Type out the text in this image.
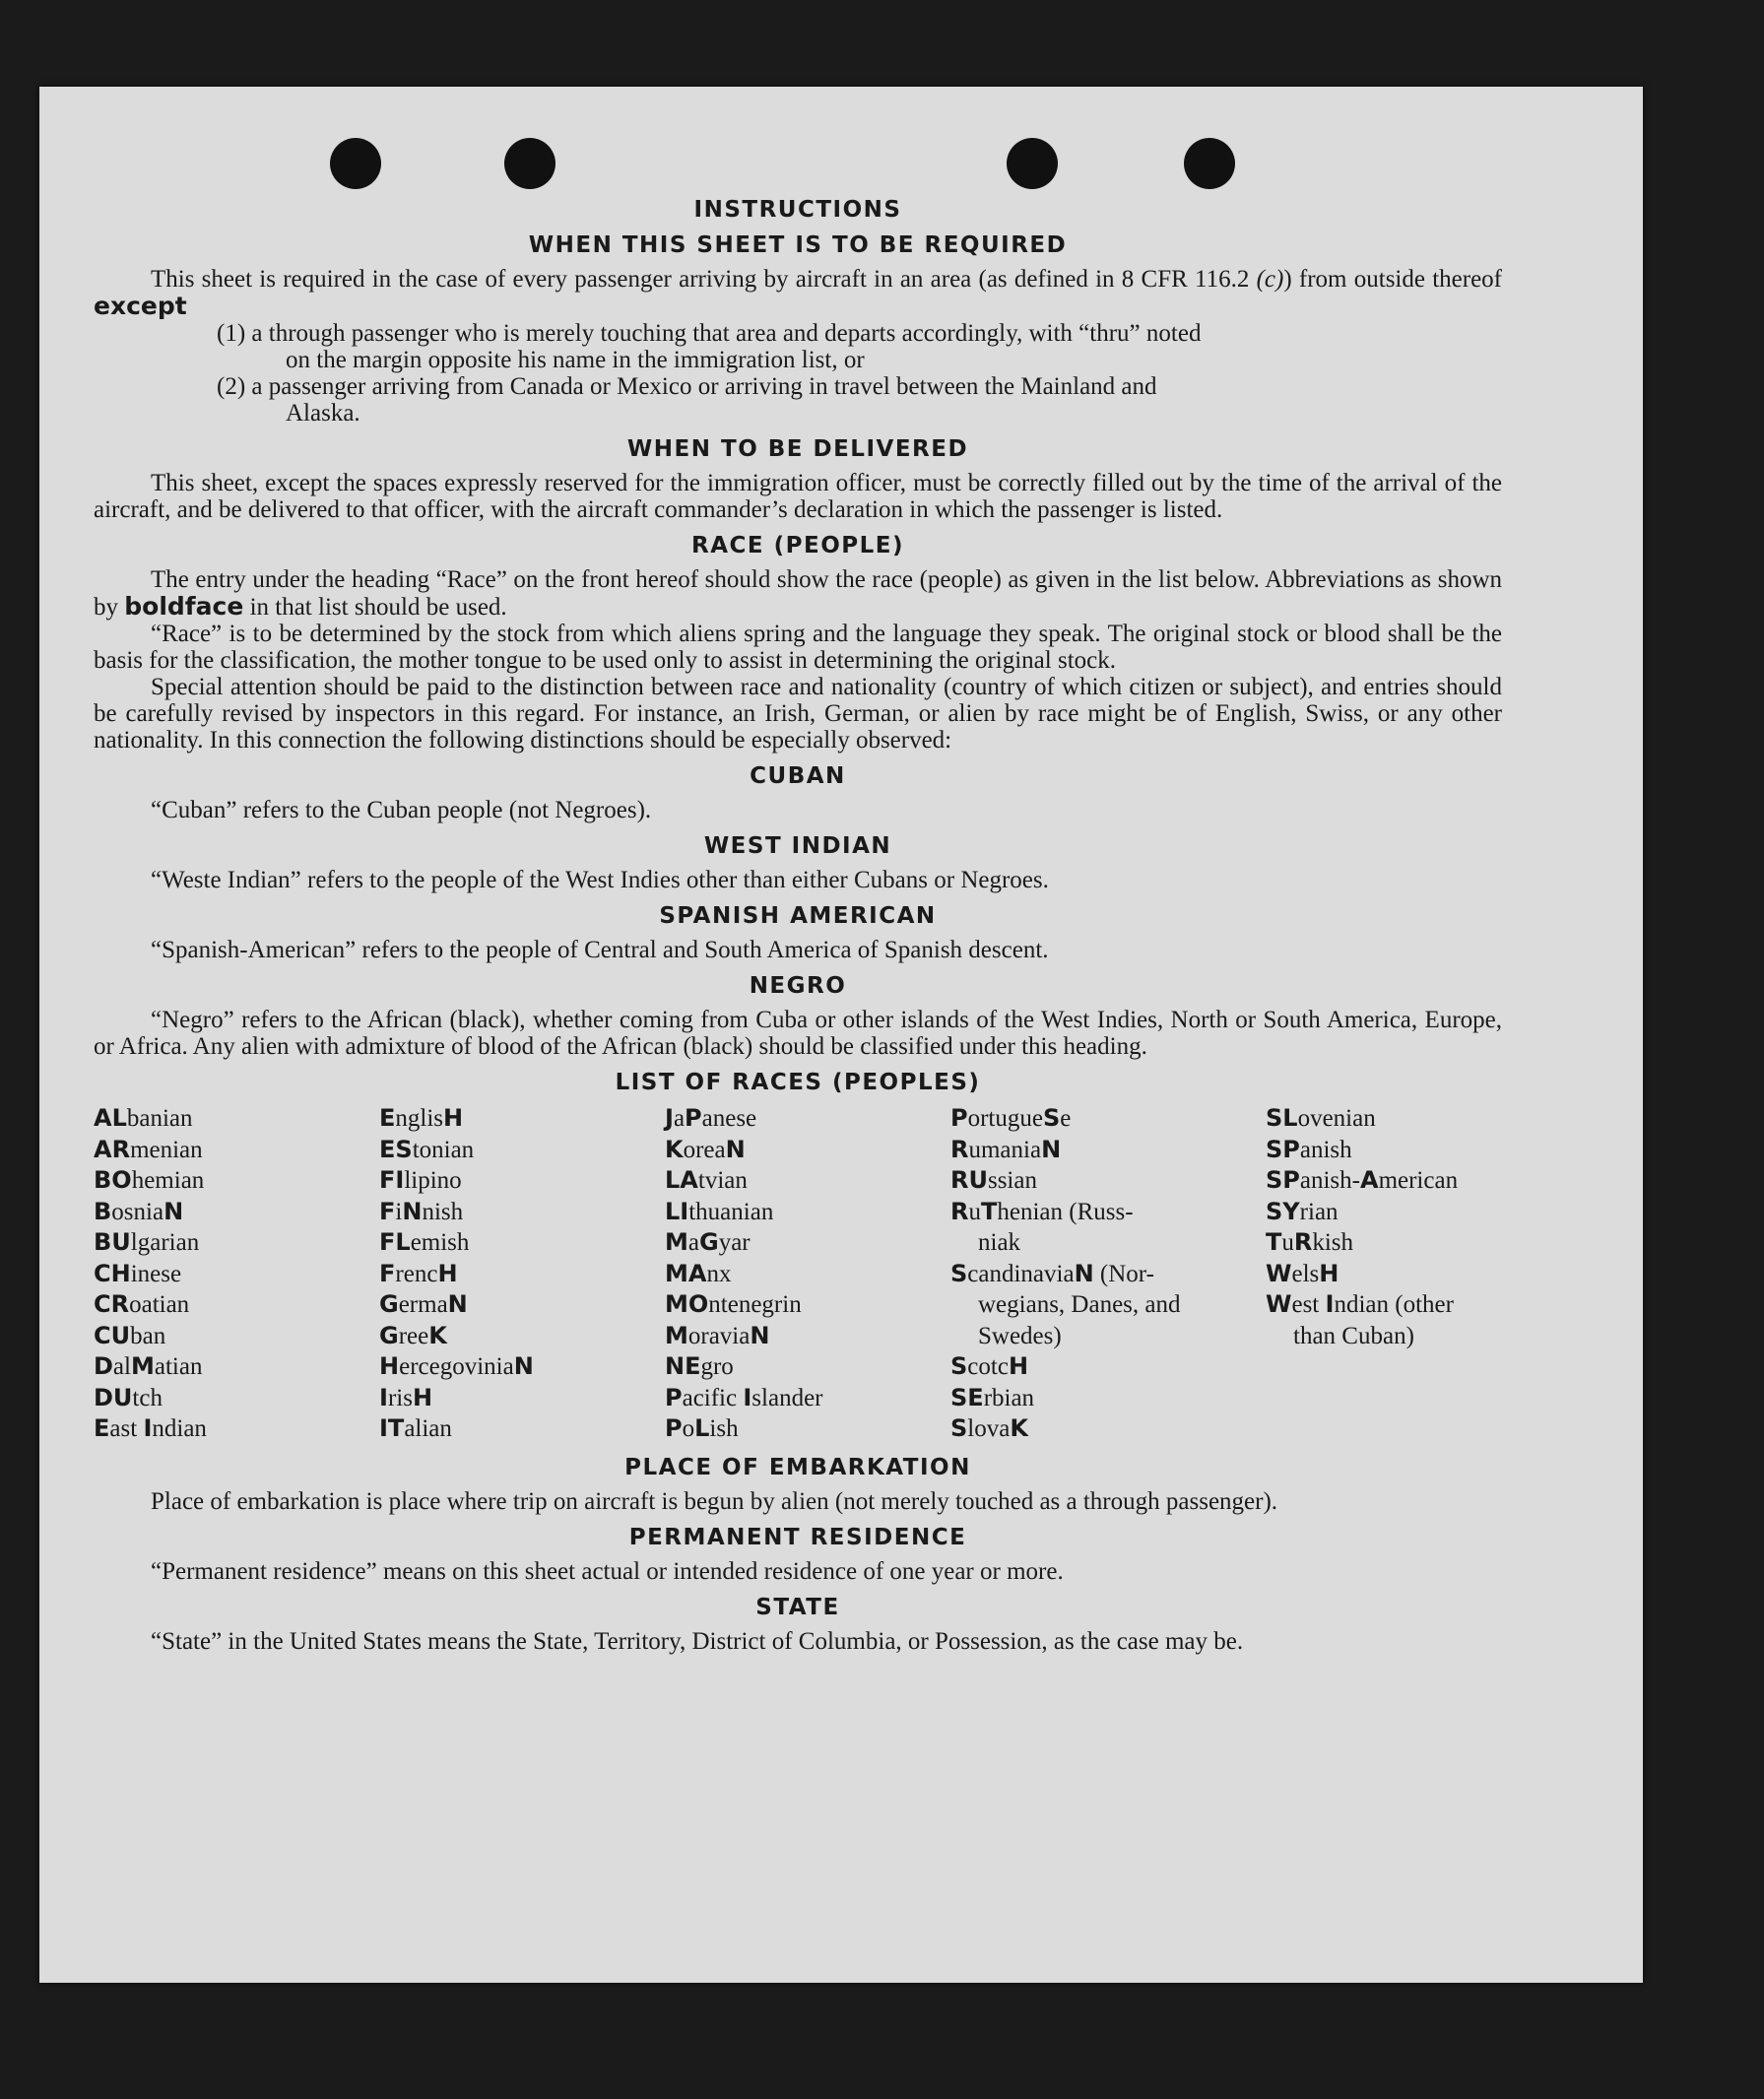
INSTRUCTIONS
WHEN THIS SHEET IS TO BE REQUIRED

This sheet is required in the case of every passenger arriving by aircraft in an area (as defined in 8 CFR 116.2 (c)) from outside thereof except

(1) a through passenger who is merely touching that area and departs accordingly, with “thru” noted
on the margin opposite his name in the immigration list, or

(2) a passenger arriving from Canada or Mexico or arriving in travel between the Mainland and
Alaska.

WHEN TO BE DELIVERED

This sheet, except the spaces expressly reserved for the immigration officer, must be correctly filled out by the time of the arrival of the aircraft, and be delivered to that officer, with the aircraft commander’s declaration in which the passenger is listed.

RACE (PEOPLE)

The entry under the heading “Race” on the front hereof should show the race (people) as given in the list below. Abbreviations as shown by boldface in that list should be used.

“Race” is to be determined by the stock from which aliens spring and the language they speak. The original stock or blood shall be the basis for the classification, the mother tongue to be used only to assist in determining the original stock.

Special attention should be paid to the distinction between race and nationality (country of which citizen or subject), and entries should be carefully revised by inspectors in this regard. For instance, an Irish, German, or alien by race might be of English, Swiss, or any other nationality. In this connection the following distinctions should be especially observed:

CUBAN

“Cuban” refers to the Cuban people (not Negroes).

WEST INDIAN

“Weste Indian” refers to the people of the West Indies other than either Cubans or Negroes.

SPANISH AMERICAN

“Spanish-American” refers to the people of Central and South America of Spanish descent.

NEGRO

“Negro” refers to the African (black), whether coming from Cuba or other islands of the West Indies, North or South America, Europe, or Africa. Any alien with admixture of blood of the African (black) should be classified under this heading.

LIST OF RACES (PEOPLES)
ALbanian
ARmenian
BOhemian
BosniaN
BUlgarian
CHinese
CRoatian
CUban
DalMatian
DUtch
East Indian
EnglisH
EStonian
FIlipino
FiNnish
FLemish
FrencH
GermaN
GreeK
HercegoviniaN
IrisH
ITalian
JaPanese
KoreaN
LAtvian
LIthuanian
MaGyar
MAnx
MOntenegrin
MoraviaN
NEgro
Pacific Islander
PoLish
PortugueSe
RumaniaN
RUssian
RuThenian (Russ-
niak
ScandinaviaN (Nor-
wegians, Danes, and Swedes)
ScotcH
SErbian
SlovaK
SLovenian
SPanish
SPanish-American
SYrian
TuRkish
WelsH
West Indian (other
than Cuban)
PLACE OF EMBARKATION

Place of embarkation is place where trip on aircraft is begun by alien (not merely touched as a through passenger).

PERMANENT RESIDENCE

“Permanent residence” means on this sheet actual or intended residence of one year or more.

STATE

“State” in the United States means the State, Territory, District of Columbia, or Possession, as the case may be.
